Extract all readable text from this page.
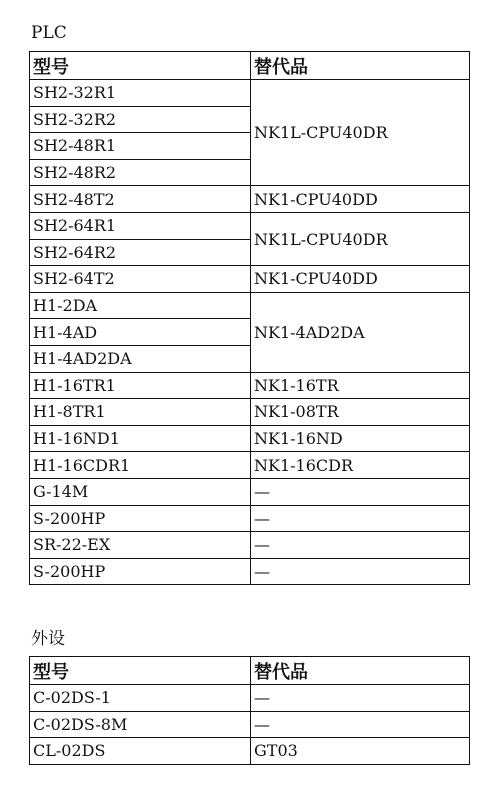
PLC
型号	替代品
SH2-32R1	NK1L-CPU40DR
SH2-32R2	
SH2-48R1	
SH2-48R2	
SH2-48T2	NK1-CPU40DD
SH2-64R1	NK1L-CPU40DR
SH2-64R2	
SH2-64T2	NK1-CPU40DD
H1-2DA	NK1-4AD2DA
H1-4AD	
H1-4AD2DA	
H1-16TR1	NK1-16TR
H1-8TR1	NK1-08TR
H1-16ND1	NK1-16ND
H1-16CDR1	NK1-16CDR
G-14M	—
S-200HP	—
SR-22-EX	—
S-200HP	—
外设
型号	替代品
C-02DS-1	—
C-02DS-8M	—
CL-02DS	GT03
